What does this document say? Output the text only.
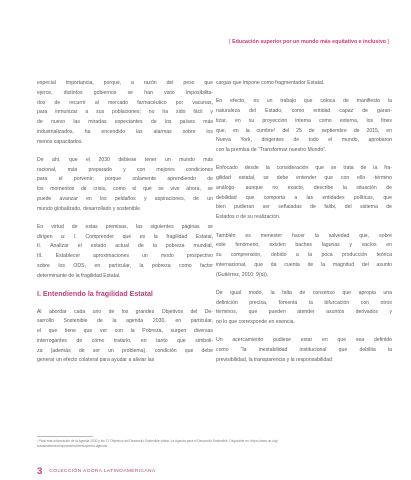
[ Educación superior por un mundo más equitativo e inclusivo ]

especial importancia, porque, a razón del peso que
ejerce, distintos gobiernos se han visto imposibilita-
dos de recurrir al mercado farmacéutico por vacunas,
para inmunizar a sus poblaciones; no ha sido fácil y
de nuevo las miradas expectantes de los países más
industrializados, ha encendido las alarmas sobre los
menos capacitados.

De ahí, que el 2030 debiese tener un mundo más
racional, más preparado y con mejores condiciones
para el porvenir; porque solamente aprendiendo de
los momentos de crisis, como el que se vive ahora, se
puede avanzar en los peldaños y aspiraciones, de un
mundo globalizado, desarrollado y sostenible.

En virtud de estas premisas, las siguientes páginas se
dirigen a: I. Comprender qué es la fragilidad Estatal,
II. Analizar el estado actual de la pobreza mundial,
III. Establecer aproximaciones un modo prospectivo
sobre los ODS, en particular, la pobreza como factor
determinante de la fragilidad Estatal.

I. Entendiendo la fragilidad Estatal

Al abordar cada uno de los grandes Objetivos del De-
sarrollo Sostenible de la agenda 2030, en particular,
el que tiene que ver con la Pobreza, surgen diversas
interrogantes de cómo tratarlo, en tanto que simboli-
za (además de ser un problema), condición que debe
generar un efecto colateral para ayudar a aliviar las

cargas que impone como fragmentador Estatal.

En efecto, es un trabajo que coloca de manifiesto la
naturaleza del Estado, como entidad capaz de garan-
tizar, en su proyección interna como externa, los fines
que, en la cumbre¹ del 25 de septiembre de 2015, en
Nueva York, dirigentes de todo el mundo, aprobaron
con la premisa de “Transformar nuestro Mundo”.

Enfocado desde la consideración que se trata de la fra-
gilidad estatal, se debe entender que con ello -término
análogo- aunque no exacto, describe la situación de
debilidad que comporta a las entidades políticas, que
bien pudieran ser señaladas de falibi, del sistema de
Estados o de su realización.

También es menester hacer la salvedad que, sobre
este fenómeno, existen baches lagunas y vacíos en
su comprensión, debido a la poca producción teórica
internacional, que da cuenta de la magnitud del asunto
(Gutiérrez, 2010: 9(a)).

De igual modo, la falta de consenso que apropia una
definición precisa, fomenta la bifurcación con otros
términos, que pueden atender asuntos derivados y
no lo que corresponde en esencia.

Un acercamiento pudiese estar en que sea definido
como “la inestabilidad institucional que debilita la
previsibilidad, la transparencia y la responsabilidad

¹ Para más información de la Agenda 2030 y los 17 Objetivos del Desarrollo Sostenible visitar. La Agenda para el Desarrollo Sostenible. Disponible en: https://www.un.org/
sustainabledevelopment/es/development-agenda/
3 COLECCIÓN AGORA LATINOAMERICANA
